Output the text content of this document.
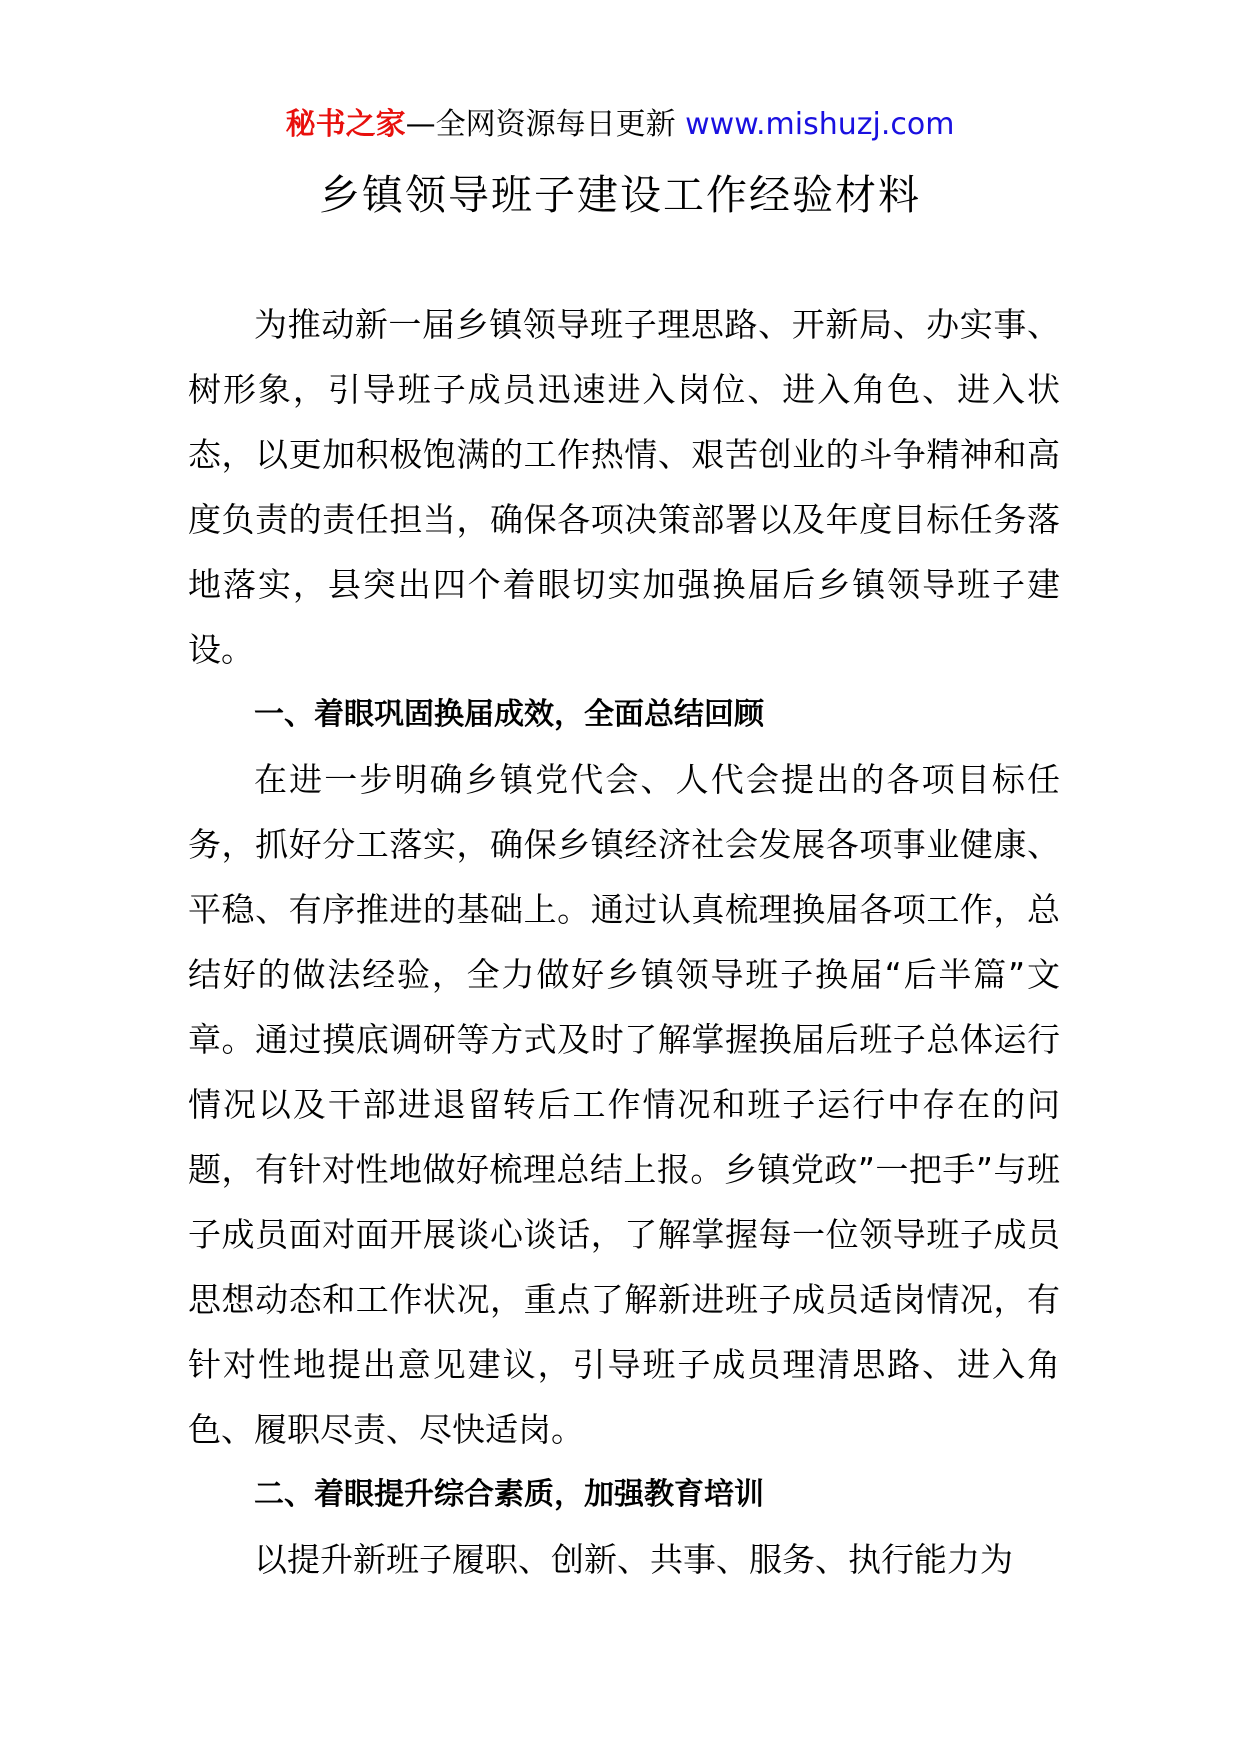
秘书之家—全网资源每日更新 www.mishuzj.com
乡镇领导班子建设工作经验材料

为推动新一届乡镇领导班子理思路、开新局、办实事、树形象，引导班子成员迅速进入岗位、进入角色、进入状态，以更加积极饱满的工作热情、艰苦创业的斗争精神和高度负责的责任担当，确保各项决策部署以及年度目标任务落地落实，县突出四个着眼切实加强换届后乡镇领导班子建设。

一、着眼巩固换届成效，全面总结回顾

在进一步明确乡镇党代会、人代会提出的各项目标任务，抓好分工落实，确保乡镇经济社会发展各项事业健康、平稳、有序推进的基础上。通过认真梳理换届各项工作，总结好的做法经验，全力做好乡镇领导班子换届“后半篇”文章。通过摸底调研等方式及时了解掌握换届后班子总体运行情况以及干部进退留转后工作情况和班子运行中存在的问题，有针对性地做好梳理总结上报。乡镇党政”一把手”与班子成员面对面开展谈心谈话，了解掌握每一位领导班子成员思想动态和工作状况，重点了解新进班子成员适岗情况，有针对性地提出意见建议，引导班子成员理清思路、进入角色、履职尽责、尽快适岗。

二、着眼提升综合素质，加强教育培训

以提升新班子履职、创新、共事、服务、执行能力为
